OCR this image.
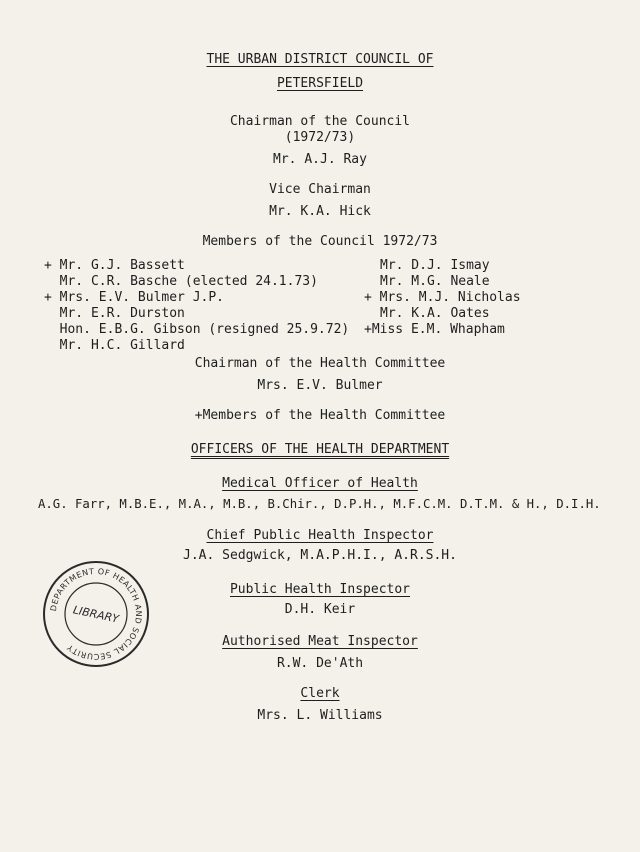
THE URBAN DISTRICT COUNCIL OF
PETERSFIELD
Chairman of the Council
(1972/73)
Mr. A.J. Ray
Vice Chairman
Mr. K.A. Hick
Members of the Council 1972/73
+ Mr. G.J. Bassett
Mr. C.R. Basche (elected 24.1.73)
+ Mrs. E.V. Bulmer J.P.
Mr. E.R. Durston
Hon. E.B.G. Gibson (resigned 25.9.72)
Mr. H.C. Gillard
Mr. D.J. Ismay
Mr. M.G. Neale
+ Mrs. M.J. Nicholas
Mr. K.A. Oates
+Miss E.M. Whapham
Chairman of the Health Committee
Mrs. E.V. Bulmer
+Members of the Health Committee
OFFICERS OF THE HEALTH DEPARTMENT
Medical Officer of Health
A.G. Farr, M.B.E., M.A., M.B., B.Chir., D.P.H., M.F.C.M. D.T.M. & H., D.I.H.
Chief Public Health Inspector
J.A. Sedgwick, M.A.P.H.I., A.R.S.H.
Public Health Inspector
D.H. Keir
Authorised Meat Inspector
R.W. De'Ath
Clerk
Mrs. L. Williams
DEPARTMENT OF HEALTH AND SOCIAL SECURITY
LIBRARY
